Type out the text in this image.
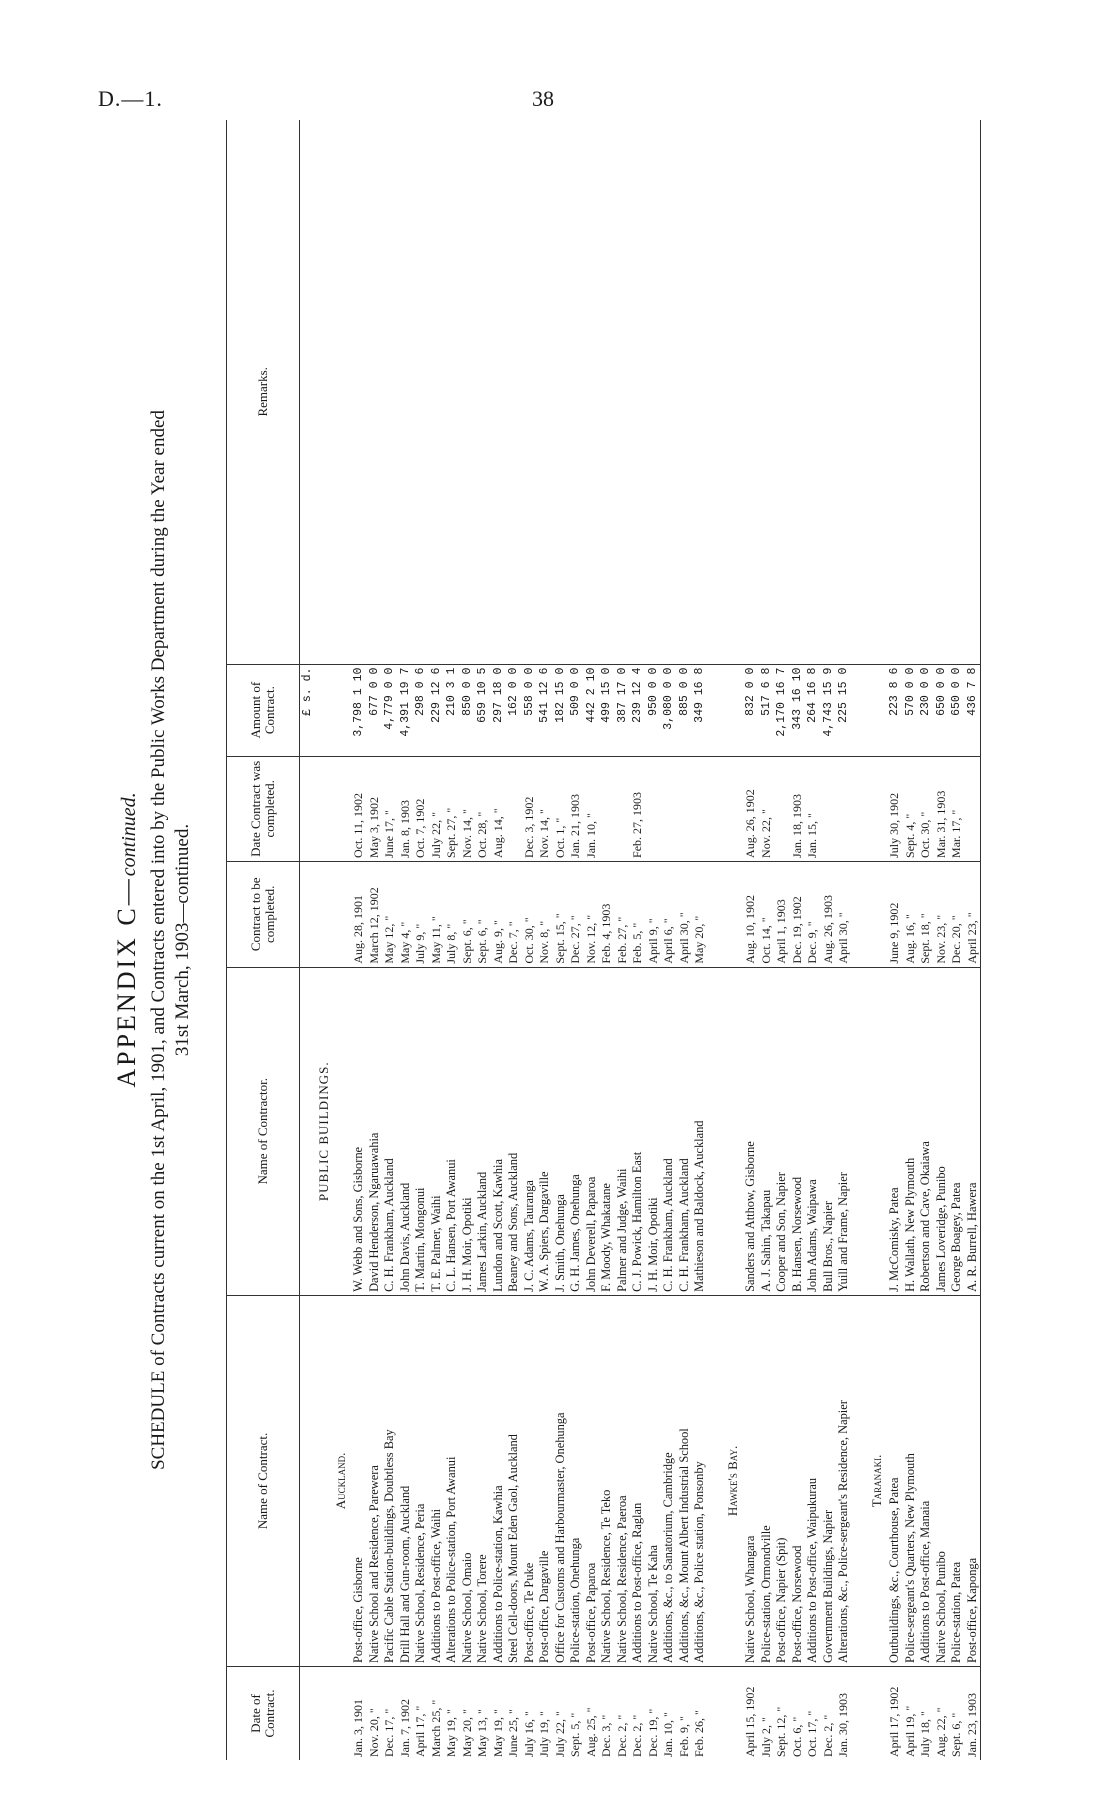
D.—1.	38
APPENDIX C—continued. SCHEDULE of Contracts current on the 1st April, 1901, and Contracts entered into by the Public Works Department during the Year ended 31st March, 1903—continued.
Date of Contract.	Name of Contract.	Name of Contractor.	Contract to be completed.	Date Contract was completed.	Amount of Contract.	Remarks.
					£ s. d.	
		PUBLIC BUILDINGS.				
	Auckland.					
Jan. 3, 1901	Post-office, Gisborne	W. Webb and Sons, Gisborne	Aug. 28, 1901	Oct. 11, 1902	3,798 1 10	
Nov. 20, "	Native School and Residence, Parewera	David Henderson, Ngaruawahia	March 12, 1902	May 3, 1902	677 0 0	
Dec. 17, "	Pacific Cable Station-buildings, Doubtless Bay	C. H. Frankham, Auckland	May 12, "	June 17, "	4,779 0 0	
Jan. 7, 1902	Drill Hall and Gun-room, Auckland	John Davis, Auckland	May 4, "	Jan. 8, 1903	4,391 19 7	
April 17, "	Native School, Residence, Peria	T. Martin, Mongonui	July 9, "	Oct. 7, 1902	298 0 6	
March 25, "	Additions to Post-office, Waihi	T. E. Palmer, Waihi	May 11, "	July 22, "	229 12 6	
May 19, "	Alterations to Police-station, Port Awanui	C. L. Hansen, Port Awanui	July 8, "	Sept. 27, "	210 3 1	
May 20, "	Native School, Omaio	J. H. Moir, Opotiki	Sept. 6, "	Nov. 14, "	850 0 0	
May 13, "	Native School, Torere	James Larkin, Auckland	Sept. 6, "	Oct. 28, "	659 10 5	
May 19, "	Additions to Police-station, Kawhia	Lundon and Scott, Kawhia	Aug. 9, "	Aug. 14, "	297 18 0	
June 25, "	Steel Cell-doors, Mount Eden Gaol, Auckland	Beaney and Sons, Auckland	Dec. 7, "		162 0 0	
July 16, "	Post-office, Te Puke	J. C. Adams, Tauranga	Oct. 30, "	Dec. 3, 1902	558 0 0	
July 19, "	Post-office, Dargaville	W. A. Spiers, Dargaville	Nov. 8, "	Nov. 14, "	541 12 6	
July 22, "	Office for Customs and Harbourmaster, Onehunga	J. Smith, Onehunga	Sept. 15, "	Oct. 1, "	182 15 0	
Sept. 5, "	Police-station, Onehunga	G. H. James, Onehunga	Dec. 27, "	Jan. 21, 1903	509 0 0	
Aug. 25, "	Post-office, Paparoa	John Deverell, Paparoa	Nov. 12, "	Jan. 10, "	442 2 10	
Dec. 3, "	Native School, Residence, Te Teko	F. Moody, Whakatane	Feb. 4, 1903		499 15 0	
Dec. 2, "	Native School, Residence, Paeroa	Palmer and Judge, Waihi	Feb. 27, "		387 17 0	
Dec. 2, "	Additions to Post-office, Raglan	C. J. Powick, Hamilton East	Feb. 5, "	Feb. 27, 1903	239 12 4	
Dec. 19, "	Native School, Te Kaha	J. H. Moir, Opotiki	April 9, "		950 0 0	
Jan. 10, "	Additions, &c., to Sanatorium, Cambridge	C. H. Frankham, Auckland	April 6, "		3,080 0 0	
Feb. 9, "	Additions, &c., Mount Albert Industrial School	C. H. Frankham, Auckland	April 30, "		885 0 0	
Feb. 26, "	Additions, &c., Police station, Ponsonby	Mathieson and Baldock, Auckland	May 20, "		349 16 8	

	Hawke's Bay.					
April 15, 1902	Native School, Whangara	Sanders and Atthow, Gisborne	Aug. 10, 1902	Aug. 26, 1902	832 0 0	
July 2, "	Police-station, Ormondville	A. J. Sahin, Takapau	Oct. 14, "	Nov. 22, "	517 6 8	
Sept. 12, "	Post-office, Napier (Spit)	Cooper and Son, Napier	April 1, 1903		2,170 16 7	
Oct. 6, "	Post-office, Norsewood	B. Hansen, Norsewood	Dec. 19, 1902	Jan. 18, 1903	343 16 10	
Oct. 17, "	Additions to Post-office, Waipukurau	John Adams, Waipawa	Dec. 9, "	Jan. 15, "	264 16 8	
Dec. 2, "	Government Buildings, Napier	Bull Bros., Napier	Aug. 26, 1903		4,743 15 9	
Jan. 30, 1903	Alterations, &c., Police-sergeant's Residence, Napier	Yuill and Frame, Napier	April 30, "		225 15 0	

	Taranaki.					
April 17, 1902	Outbuildings, &c., Courthouse, Patea	J. McComisky, Patea	June 9, 1902	July 30, 1902	223 8 6	
April 19, "	Police-sergeant's Quarters, New Plymouth	H. Wallath, New Plymouth	Aug. 16, "	Sept. 4, "	570 0 0	
July 18, "	Additions to Post-office, Manaia	Robertson and Cave, Okaiawa	Sept. 18, "	Oct. 30, "	230 0 0	
Aug. 22, "	Native School, Punibo	James Loveridge, Punibo	Nov. 23, "	Mar. 31, 1903	650 0 0	
Sept. 6, "	Police-station, Patea	George Boagey, Patea	Dec. 20, "	Mar. 17, "	650 0 0	
Jan. 23, 1903	Post-office, Kaponga	A. R. Burrell, Hawera	April 23, "		436 7 8	
